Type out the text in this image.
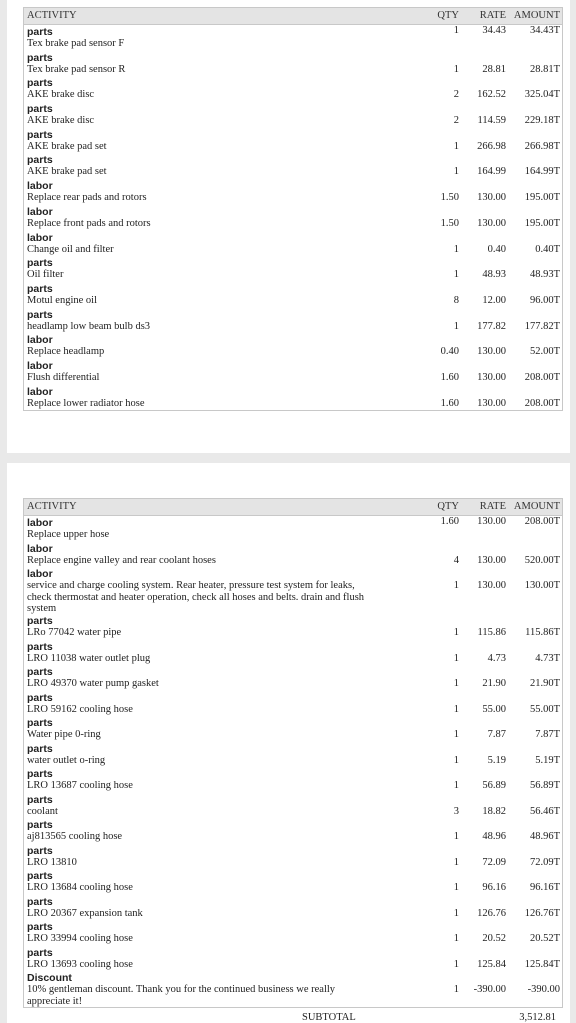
ACTIVITY	QTY RATE AMOUNT
parts
Tex brake pad sensor F
1 34.43 34.43T
parts
Tex brake pad sensor R	1 28.81 28.81T
parts
AKE brake disc	2 162.52 325.04T
parts
AKE brake disc	2 114.59 229.18T
parts
AKE brake pad set	1 266.98 266.98T
parts
AKE brake pad set	1 164.99 164.99T
labor
Replace rear pads and rotors	1.50 130.00 195.00T
labor
Replace front pads and rotors	1.50 130.00 195.00T
labor
Change oil and filter	1	0.40	0.40T
parts
Oil filter	1 48.93 48.93T
parts
Motul engine oil	8 12.00 96.00T
parts
headlamp low beam bulb ds3	1 177.82 177.82T
labor
Replace headlamp	0.40 130.00 52.00T
labor
Flush differential	1.60 130.00 208.00T
labor
Replace lower radiator hose	1.60 130.00 208.00T
ACTIVITY	QTY RATE AMOUNT
labor
Replace upper hose
1.60 130.00 208.00T
labor
Replace engine valley and rear coolant hoses	4 130.00 520.00T
labor
service and charge cooling system. Rear heater, pressure test system for leaks, check thermostat and heater operation, check all hoses and belts. drain and flush system
1 130.00 130.00T
parts
LRo 77042 water pipe	1 115.86 115.86T
parts
LRO 11038 water outlet plug	1	4.73	4.73T
parts
LRO 49370 water pump gasket	1 21.90 21.90T
parts
LRO 59162 cooling hose	1 55.00 55.00T
parts
Water pipe 0-ring	1	7.87	7.87T
parts
water outlet o-ring	1	5.19	5.19T
parts
LRO 13687 cooling hose	1 56.89 56.89T
parts
coolant	3 18.82 56.46T
parts
aj813565 cooling hose	1 48.96 48.96T
parts
LRO 13810	1 72.09 72.09T
parts
LRO 13684 cooling hose	1 96.16 96.16T
parts
LRO 20367 expansion tank	1 126.76 126.76T
parts
LRO 33994 cooling hose	1 20.52 20.52T
parts
LRO 13693 cooling hose	1 125.84 125.84T
Discount
10% gentleman discount. Thank you for the continued business we really appreciate it!
1 -390.00 -390.00
SUBTOTAL	3,512.81
